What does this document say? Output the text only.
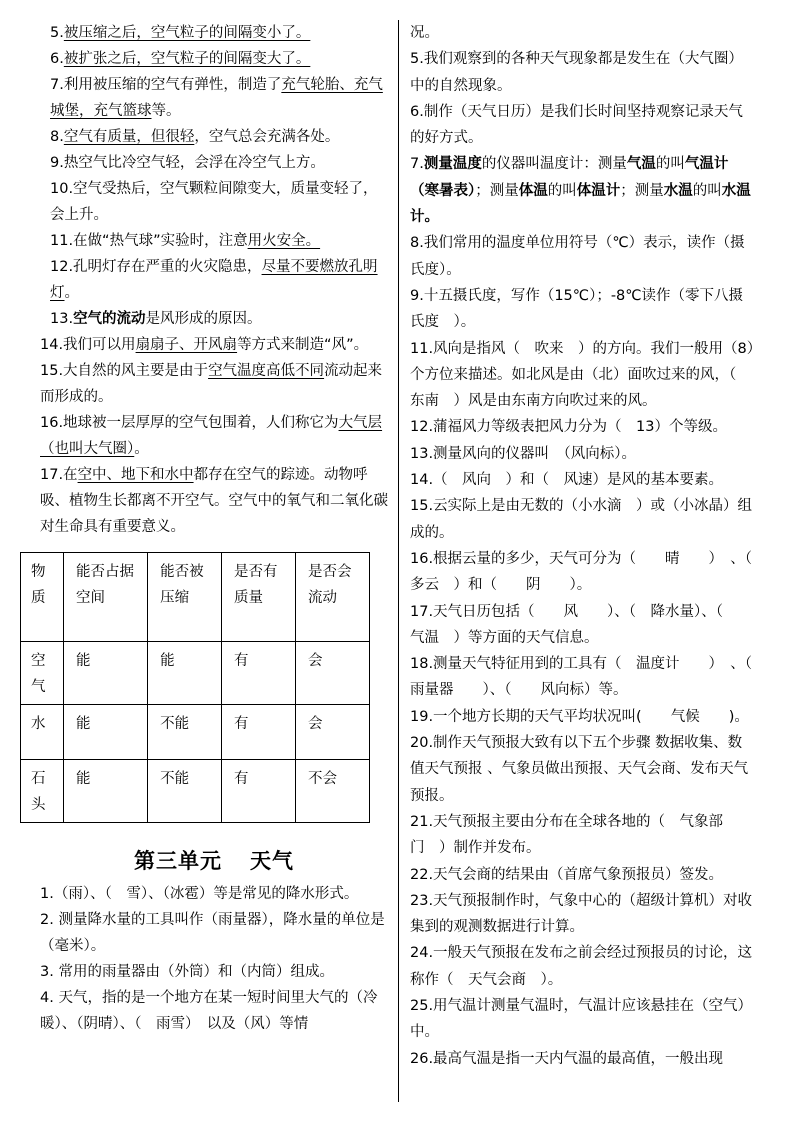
5.被压缩之后，空气粒子的间隔变小了。

6.被扩张之后，空气粒子的间隔变大了。

7.利用被压缩的空气有弹性，制造了充气轮胎、充气城堡，充气篮球等。

8.空气有质量，但很轻，空气总会充满各处。

9.热空气比冷空气轻，会浮在冷空气上方。

10.空气受热后，空气颗粒间隙变大，质量变轻了，会上升。

11.在做“热气球”实验时，注意用火安全。

12.孔明灯存在严重的火灾隐患，尽量不要燃放孔明灯。

13.空气的流动是风形成的原因。

14.我们可以用扇扇子、开风扇等方式来制造“风”。

15.大自然的风主要是由于空气温度高低不同流动起来而形成的。

16.地球被一层厚厚的空气包围着，人们称它为大气层（也叫大气圈）。

17.在空中、地下和水中都存在空气的踪迹。动物呼吸、植物生长都离不开空气。空气中的氧气和二氧化碳对生命具有重要意义。

物质	能否占据空间	能否被压缩	是否有质量	是否会流动
空气	能	能	有	会
水	能	不能	有	会
石头	能	不能	有	不会
第三单元 天气

1.（雨）、（　雪）、（冰雹）等是常见的降水形式。

2. 测量降水量的工具叫作（雨量器），降水量的单位是（毫米）。

3. 常用的雨量器由（外筒）和（内筒）组成。

4. 天气，指的是一个地方在某一短时间里大气的（冷暖）、（阴晴）、（　雨雪）　以及（风）等情

况。

5.我们观察到的各种天气现象都是发生在（大气圈）中的自然现象。

6.制作（天气日历）是我们长时间坚持观察记录天气的好方式。

7.测量温度的仪器叫温度计：测量气温的叫气温计（寒暑表）；测量体温的叫体温计；测量水温的叫水温计。

8.我们常用的温度单位用符号（℃）表示，读作（摄氏度）。

9.十五摄氏度，写作（15℃）；-8℃读作（零下八摄氏度　）。

11.风向是指风（　吹来　）的方向。我们一般用（8）个方位来描述。如北风是由（北）面吹过来的风，（　东南　）风是由东南方向吹过来的风。

12.蒲福风力等级表把风力分为（　13）个等级。

13.测量风向的仪器叫　（风向标）。

14.（　风向　）和（　风速）是风的基本要素。

15.云实际上是由无数的（小水滴　）或（小冰晶）组成的。

16.根据云量的多少，天气可分为（　　晴　　）　、（　　多云　）和（　　阴　　）。

17.天气日历包括（　　风　　）、（　降水量）、（　　气温　）等方面的天气信息。

18.测量天气特征用到的工具有（　温度计　　）　、（　　雨量器　　）、（　　风向标）等。

19.一个地方长期的天气平均状况叫(　　气候　　)。

20.制作天气预报大致有以下五个步骤 数据收集、数值天气预报 、气象员做出预报、天气会商、发布天气预报。

21.天气预报主要由分布在全球各地的（　气象部门　）制作并发布。

22.天气会商的结果由（首席气象预报员）签发。

23.天气预报制作时，气象中心的（超级计算机）对收集到的观测数据进行计算。

24.一般天气预报在发布之前会经过预报员的讨论，这称作（　天气会商　）。

25.用气温计测量气温时，气温计应该悬挂在（空气）中。

26.最高气温是指一天内气温的最高值，一般出现
